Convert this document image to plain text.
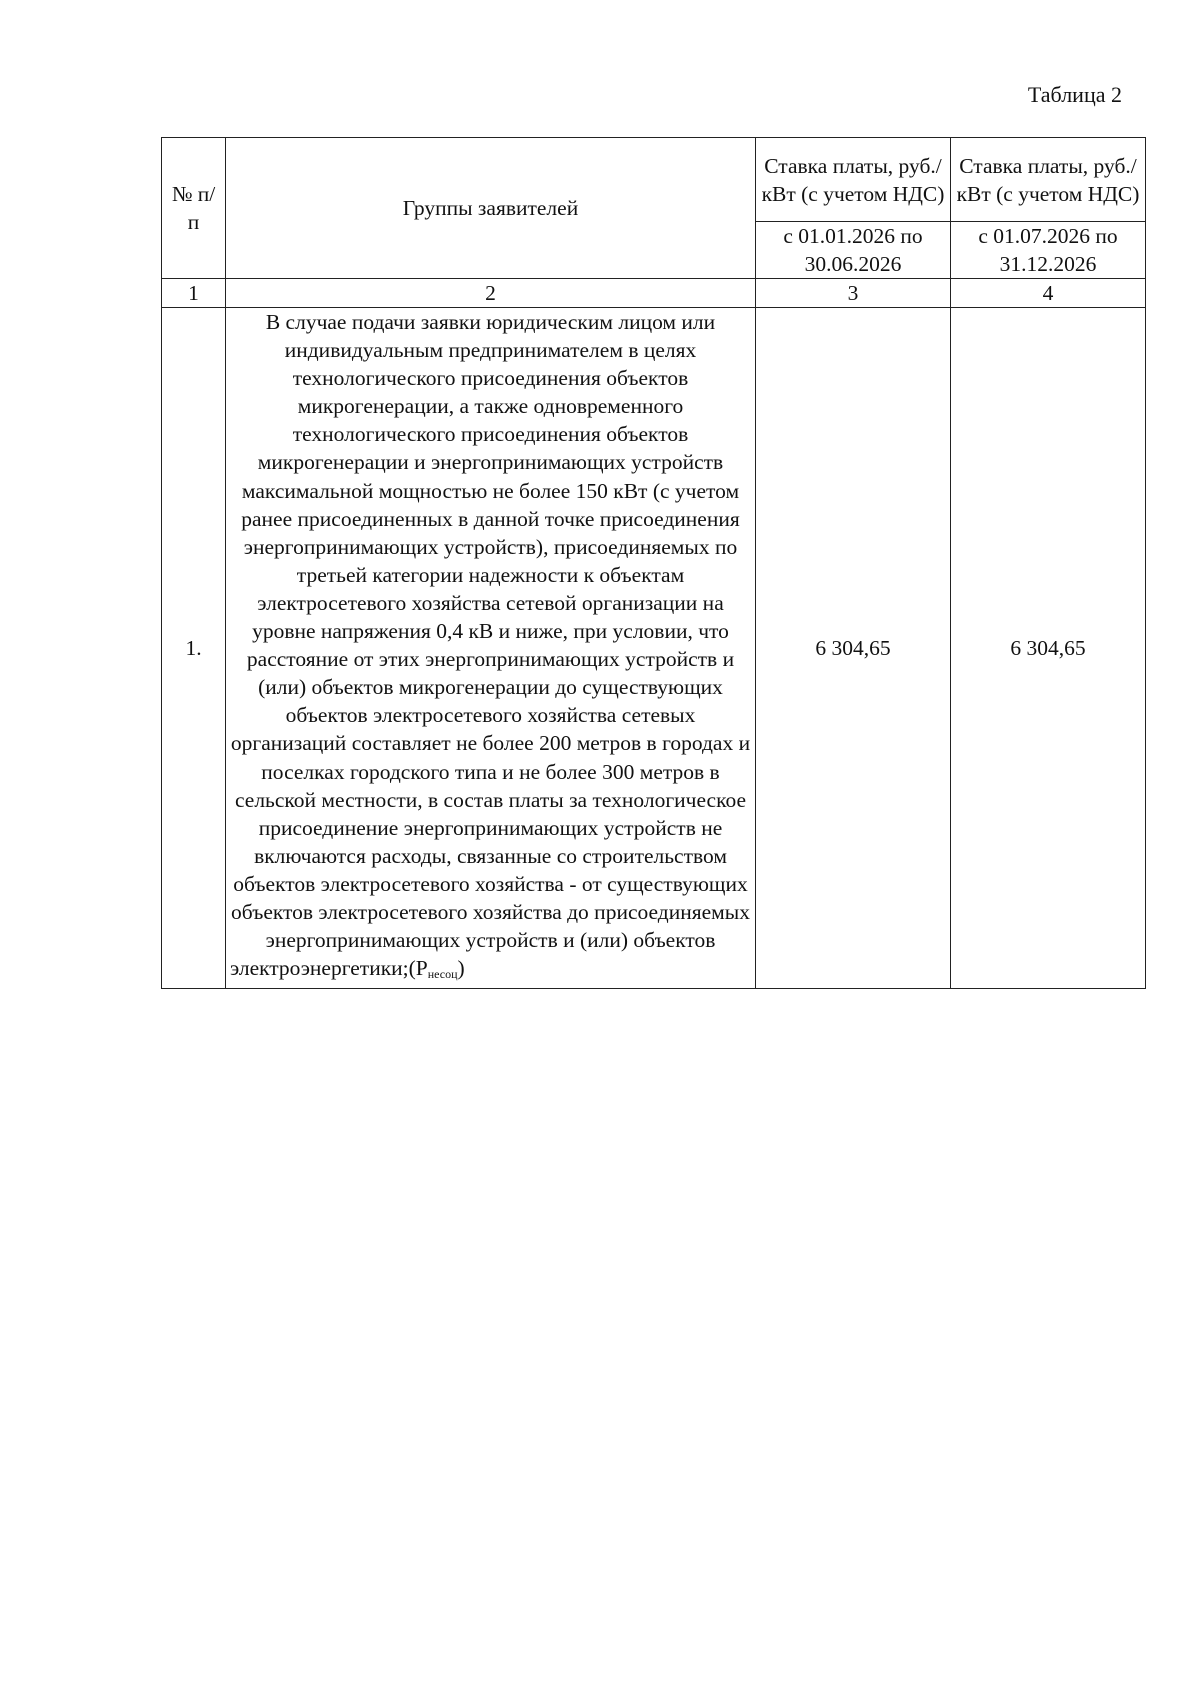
Таблица 2
№ п/п	Группы заявителей	Ставка платы, руб./кВт (с учетом НДС)	Ставка платы, руб./кВт (с учетом НДС)
		с 01.01.2026 по 30.06.2026	с 01.07.2026 по 31.12.2026
1	2	3	4
1.	В случае подачи заявки юридическим лицом или индивидуальным предпринимателем в целях технологического присоединения объектов микрогенерации, а также одновременного технологического присоединения объектов микрогенерации и энергопринимающих устройств максимальной мощностью не более 150 кВт (с учетом ранее присоединенных в данной точке присоединения энергопринимающих устройств), присоединяемых по третьей категории надежности к объектам электросетевого хозяйства сетевой организации на уровне напряжения 0,4 кВ и ниже, при условии, что расстояние от этих энергопринимающих устройств и (или) объектов микрогенерации до существующих объектов электросетевого хозяйства сетевых организаций составляет не более 200 метров в городах и поселках городского типа и не более 300 метров в сельской местности, в состав платы за технологическое присоединение энергопринимающих устройств не включаются расходы, связанные со строительством объектов электросетевого хозяйства - от существующих объектов электросетевого хозяйства до присоединяемых энергопринимающих устройств и (или) объектов $электроэнергетики;(P_{несоц})$	6 304,65	6 304,65
